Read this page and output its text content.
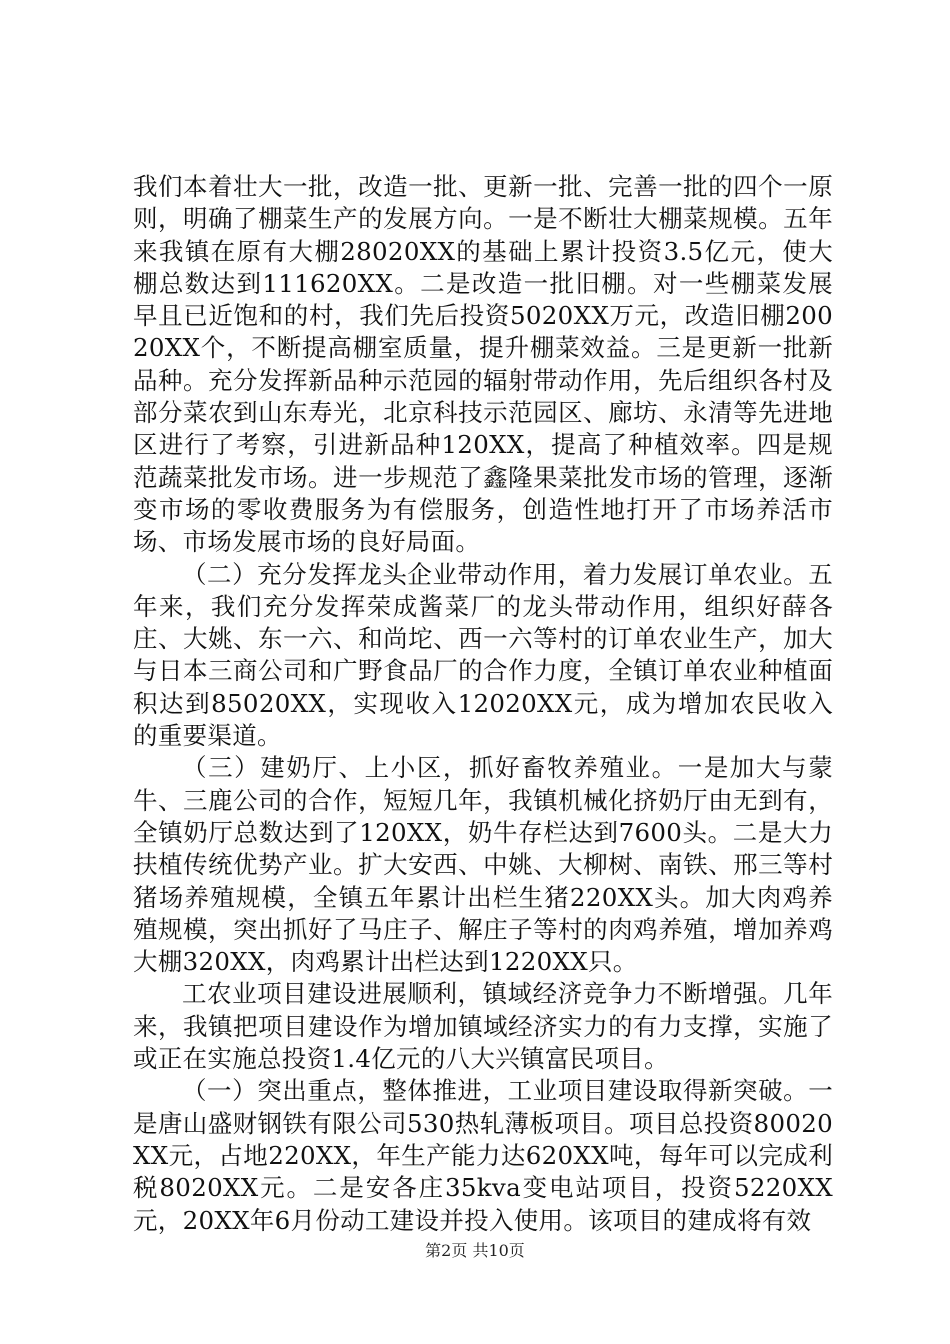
我们本着壮大一批，改造一批、更新一批、完善一批的四个一原则，明确了棚菜生产的发展方向。一是不断壮大棚菜规模。五年来我镇在原有大棚28020XX的基础上累计投资3.5亿元，使大棚总数达到111620XX。二是改造一批旧棚。对一些棚菜发展早且已近饱和的村，我们先后投资5020XX万元，改造旧棚20020XX个，不断提高棚室质量，提升棚菜效益。三是更新一批新品种。充分发挥新品种示范园的辐射带动作用，先后组织各村及部分菜农到山东寿光，北京科技示范园区、廊坊、永清等先进地区进行了考察，引进新品种120XX，提高了种植效率。四是规范蔬菜批发市场。进一步规范了鑫隆果菜批发市场的管理，逐渐变市场的零收费服务为有偿服务，创造性地打开了市场养活市场、市场发展市场的良好局面。

（二）充分发挥龙头企业带动作用，着力发展订单农业。五年来，我们充分发挥荣成酱菜厂的龙头带动作用，组织好薛各庄、大姚、东一六、和尚坨、西一六等村的订单农业生产，加大与日本三商公司和广野食品厂的合作力度，全镇订单农业种植面积达到85020XX，实现收入12020XX元，成为增加农民收入的重要渠道。

（三）建奶厅、上小区，抓好畜牧养殖业。一是加大与蒙牛、三鹿公司的合作，短短几年，我镇机械化挤奶厅由无到有，全镇奶厅总数达到了120XX，奶牛存栏达到7600头。二是大力扶植传统优势产业。扩大安西、中姚、大柳树、南铁、邢三等村猪场养殖规模，全镇五年累计出栏生猪220XX头。加大肉鸡养殖规模，突出抓好了马庄子、解庄子等村的肉鸡养殖，增加养鸡大棚320XX，肉鸡累计出栏达到1220XX只。

工农业项目建设进展顺利，镇域经济竞争力不断增强。几年来，我镇把项目建设作为增加镇域经济实力的有力支撑，实施了或正在实施总投资1.4亿元的八大兴镇富民项目。

（一）突出重点，整体推进，工业项目建设取得新突破。一是唐山盛财钢铁有限公司530热轧薄板项目。项目总投资80020XX元，占地220XX，年生产能力达620XX吨，每年可以完成利税8020XX元。二是安各庄35kva变电站项目，投资5220XX元，20XX年6月份动工建设并投入使用。该项目的建成将有效

第2页 共10页
